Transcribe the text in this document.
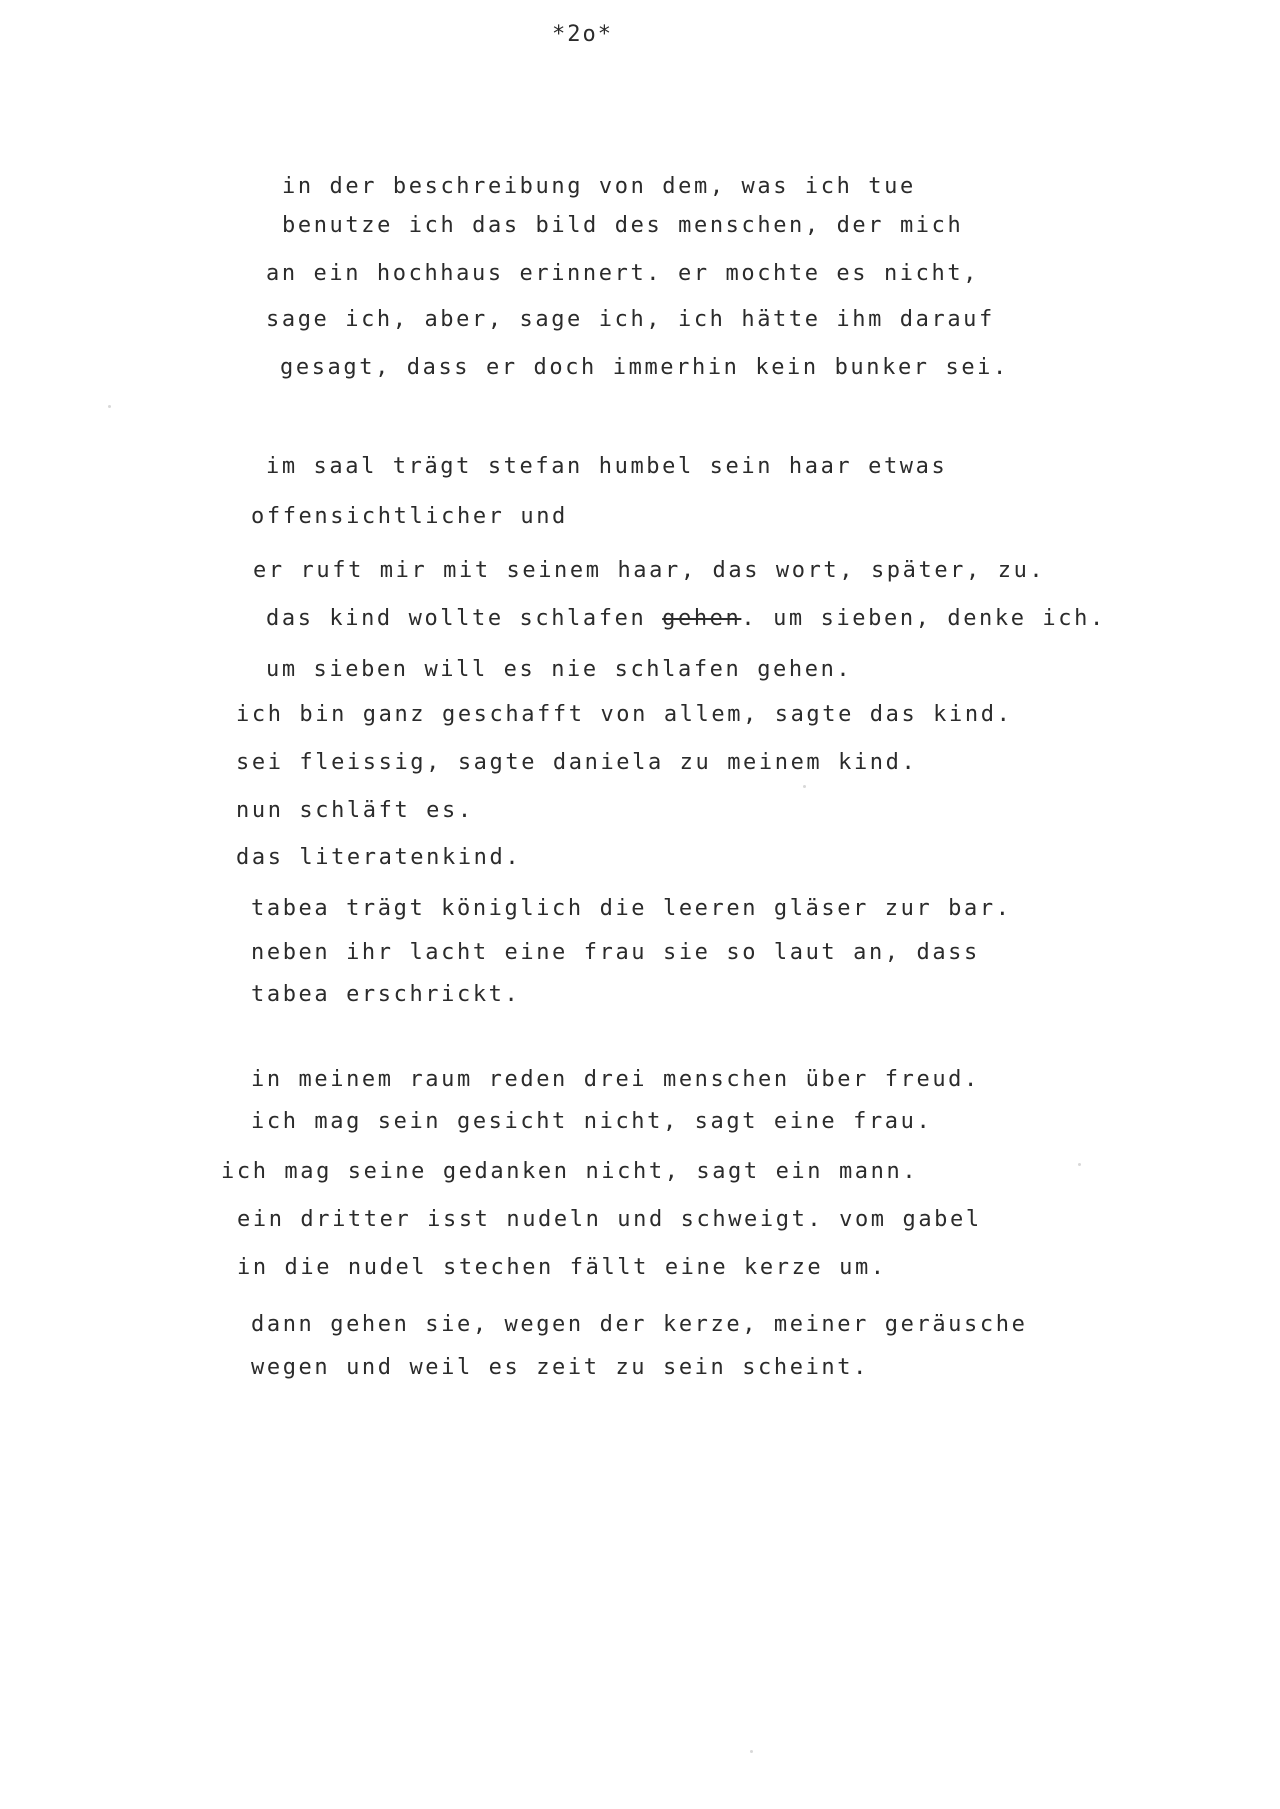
*2o*
in der beschreibung von dem, was ich tue
benutze ich das bild des menschen, der mich
an ein hochhaus erinnert. er mochte es nicht,
sage ich, aber, sage ich, ich hätte ihm darauf
gesagt, dass er doch immerhin kein bunker sei.
im saal trägt stefan humbel sein haar etwas
offensichtlicher und
er ruft mir mit seinem haar, das wort, später, zu.
das kind wollte schlafen gehen. um sieben, denke ich.
um sieben will es nie schlafen gehen.
ich bin ganz geschafft von allem, sagte das kind.
sei fleissig, sagte daniela zu meinem kind.
nun schläft es.
das literatenkind.
tabea trägt königlich die leeren gläser zur bar.
neben ihr lacht eine frau sie so laut an, dass
tabea erschrickt.
in meinem raum reden drei menschen über freud.
ich mag sein gesicht nicht, sagt eine frau.
ich mag seine gedanken nicht, sagt ein mann.
ein dritter isst nudeln und schweigt. vom gabel
in die nudel stechen fällt eine kerze um.
dann gehen sie, wegen der kerze, meiner geräusche
wegen und weil es zeit zu sein scheint.
